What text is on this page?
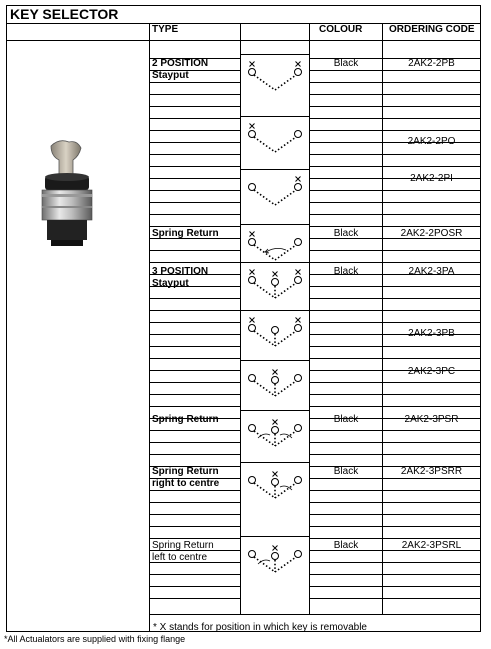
KEY SELECTOR
TYPE	COLOUR	ORDERING CODE
* X stands for position in which key is removable
2 POSITION
Stayput
Black	2AK2-2PB
2AK2-2PO
2AK2-2PI
Spring Return	Black	2AK2-2POSR
3 POSITION
Stayput
Black	2AK2-3PA
2AK2-3PB
2AK2-3PC
Spring Return	Black	2AK2-3PSR
Spring Return
right to centre
Black	2AK2-3PSRR
Spring Return
left to centre
Black	2AK2-3PSRL
*All Actualators are supplied with fixing flange
